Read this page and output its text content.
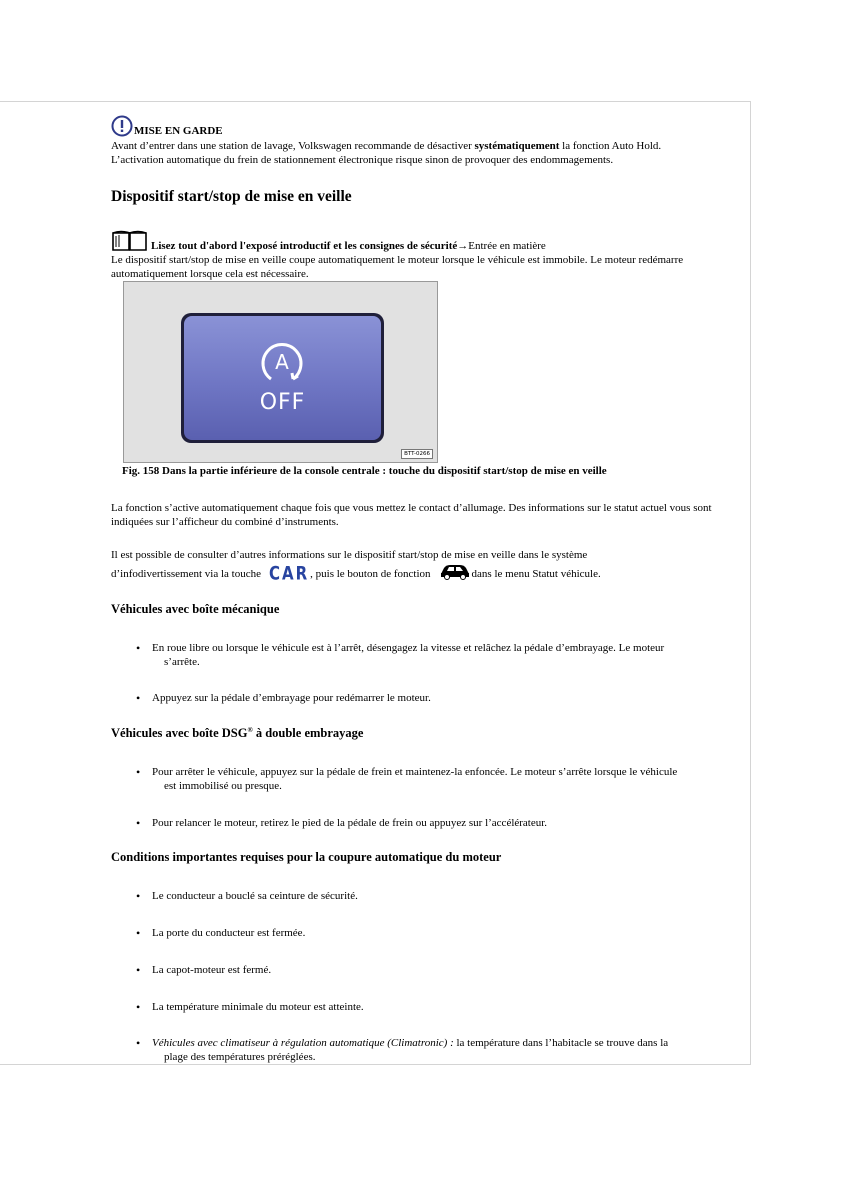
MISE EN GARDE
Avant d’entrer dans une station de lavage, Volkswagen recommande de désactiver systématiquement la fonction Auto Hold.
L’activation automatique du frein de stationnement électronique risque sinon de provoquer des endommagements.
Dispositif start/stop de mise en veille
Lisez tout d'abord l'exposé introductif et les consignes de sécurité →Entrée en matière
Le dispositif start/stop de mise en veille coupe automatiquement le moteur lorsque le véhicule est immobile. Le moteur redémarre automatiquement lorsque cela est nécessaire.
A
OFF
BTT-0266
Fig. 158 Dans la partie inférieure de la console centrale : touche du dispositif start/stop de mise en veille
La fonction s’active automatiquement chaque fois que vous mettez le contact d’allumage. Des informations sur le statut actuel vous sont indiquées sur l’afficheur du combiné d’instruments.
Il est possible de consulter d’autres informations sur le dispositif start/stop de mise en veille dans le système
d’infodivertissement via la touche CAR , puis le bouton de fonction	dans le menu Statut véhicule.
Véhicules avec boîte mécanique
•	En roue libre ou lorsque le véhicule est à l’arrêt, désengagez la vitesse et relâchez la pédale d’embrayage. Le moteur
s’arrête.
•	Appuyez sur la pédale d’embrayage pour redémarrer le moteur.
Véhicules avec boîte DSG® à double embrayage
•	Pour arrêter le véhicule, appuyez sur la pédale de frein et maintenez-la enfoncée. Le moteur s’arrête lorsque le véhicule
est immobilisé ou presque.
•	Pour relancer le moteur, retirez le pied de la pédale de frein ou appuyez sur l’accélérateur.
Conditions importantes requises pour la coupure automatique du moteur
•	Le conducteur a bouclé sa ceinture de sécurité.
•	La porte du conducteur est fermée.
•	La capot-moteur est fermé.
•	La température minimale du moteur est atteinte.
•	Véhicules avec climatiseur à régulation automatique (Climatronic) : la température dans l’habitacle se trouve dans la
plage des températures préréglées.
